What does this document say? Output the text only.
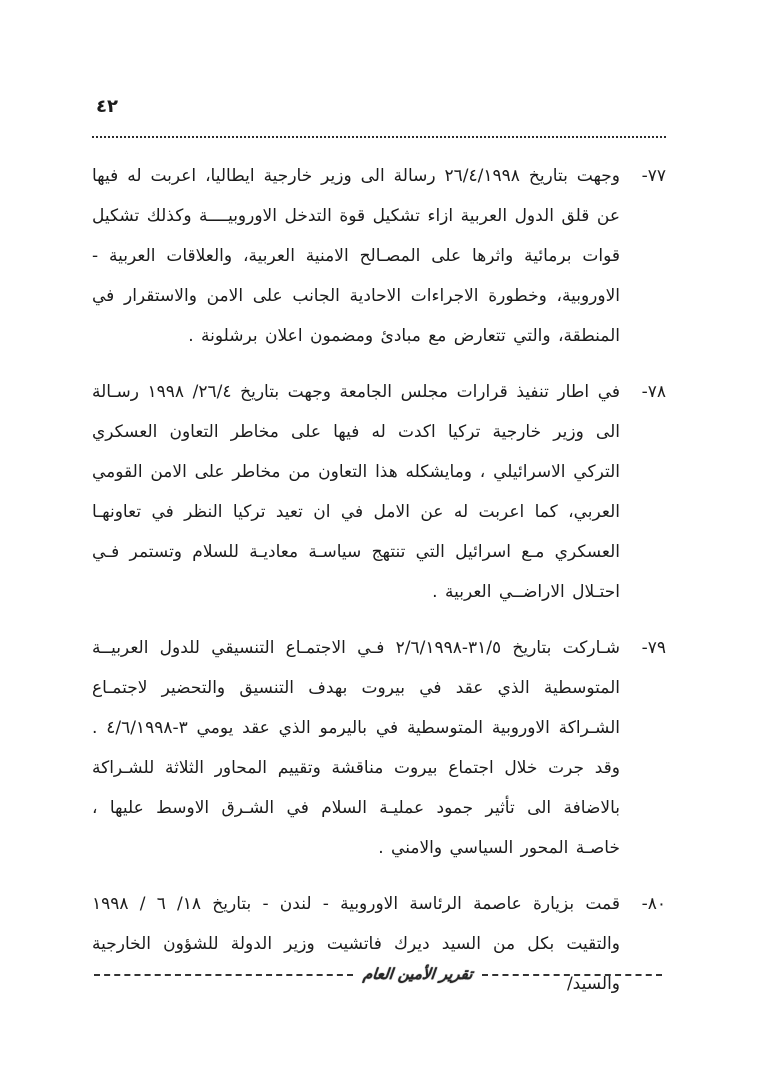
٤٢
٧٧-
وجهت بتاريخ ٢٦/٤/١٩٩٨ رسالة الى وزير خارجية ايطاليا، اعربت له فيها عن قلق الدول العربية ازاء تشكيل قوة التدخل الاوروبيــــة وكذلك تشكيل قوات برمائية واثرها على المصـالح الامنية العربية، والعلاقات العربية - الاوروبية، وخطورة الاجراءات الاحادية الجانب على الامن والاستقرار في المنطقة، والتي تتعارض مع مبادئ ومضمون اعلان برشلونة .
٧٨-
في اطار تنفيذ قرارات مجلس الجامعة وجهت بتاريخ ٢٦/٤/ ١٩٩٨ رسـالة الى وزير خارجية تركيا اكدت له فيها على مخاطر التعاون العسكري التركي الاسرائيلي ، ومايشكله هذا التعاون من مخاطر على الامن القومي العربي، كما اعربت له عن الامل في ان تعيد تركيا النظر في تعاونهـا العسكري مـع اسرائيل التي تنتهج سياسـة معاديـة للسلام وتستمر فـي احتـلال الاراضــي العربية .
٧٩-
شـاركت بتاريخ ٣١/٥-٢/٦/١٩٩٨ فـي الاجتمـاع التنسيقي للدول العربيــة المتوسطية الذي عقد في بيروت بهدف التنسيق والتحضير لاجتمـاع الشـراكة الاوروبية المتوسطية في باليرمو الذي عقد يومي ٣-٤/٦/١٩٩٨ . وقد جرت خلال اجتماع بيروت مناقشة وتقييم المحاور الثلاثة للشـراكة بالاضافة الى تأثير جمود عمليـة السلام في الشـرق الاوسط عليها ، خاصـة المحور السياسي والامني .
٨٠-
قمت بزيارة عاصمة الرئاسة الاوروبية - لندن - بتاريخ ١٨/ ٦ / ١٩٩٨ والتقيت بكل من السيد ديرك فاتشيت وزير الدولة للشؤون الخارجية والسيد/
تقرير الأمين العام
